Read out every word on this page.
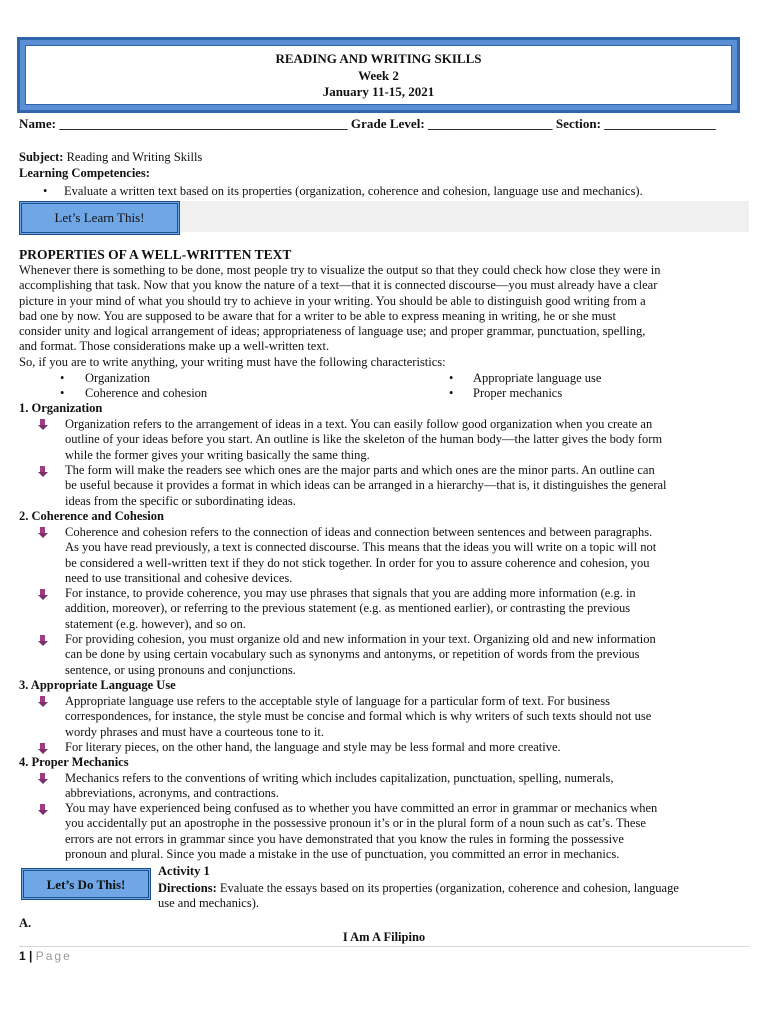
READING AND WRITING SKILLS
Week 2
January 11-15, 2021
Name: ____________________________________________ Grade Level: ___________________ Section: _________________
Subject: Reading and Writing Skills
Learning Competencies:
• Evaluate a written text based on its properties (organization, coherence and cohesion, language use and mechanics).
Let’s Learn This!
PROPERTIES OF A WELL-WRITTEN TEXT
Whenever there is something to be done, most people try to visualize the output so that they could check how close they were in
accomplishing that task. Now that you know the nature of a text—that it is connected discourse—you must already have a clear
picture in your mind of what you should try to achieve in your writing. You should be able to distinguish good writing from a
bad one by now. You are supposed to be aware that for a writer to be able to express meaning in writing, he or she must
consider unity and logical arrangement of ideas; appropriateness of language use; and proper grammar, punctuation, spelling,
and format. Those considerations make up a well-written text.
So, if you are to write anything, your writing must have the following characteristics:
• Organization
• Coherence and cohesion
• Appropriate language use
• Proper mechanics
1. Organization
Organization refers to the arrangement of ideas in a text. You can easily follow good organization when you create an
outline of your ideas before you start. An outline is like the skeleton of the human body—the latter gives the body form
while the former gives your writing basically the same thing.
The form will make the readers see which ones are the major parts and which ones are the minor parts. An outline can
be useful because it provides a format in which ideas can be arranged in a hierarchy—that is, it distinguishes the general
ideas from the specific or subordinating ideas.
2. Coherence and Cohesion
Coherence and cohesion refers to the connection of ideas and connection between sentences and between paragraphs.
As you have read previously, a text is connected discourse. This means that the ideas you will write on a topic will not
be considered a well-written text if they do not stick together. In order for you to assure coherence and cohesion, you
need to use transitional and cohesive devices.
For instance, to provide coherence, you may use phrases that signals that you are adding more information (e.g. in
addition, moreover), or referring to the previous statement (e.g. as mentioned earlier), or contrasting the previous
statement (e.g. however), and so on.
For providing cohesion, you must organize old and new information in your text. Organizing old and new information
can be done by using certain vocabulary such as synonyms and antonyms, or repetition of words from the previous
sentence, or using pronouns and conjunctions.
3. Appropriate Language Use
Appropriate language use refers to the acceptable style of language for a particular form of text. For business
correspondences, for instance, the style must be concise and formal which is why writers of such texts should not use
wordy phrases and must have a courteous tone to it.
For literary pieces, on the other hand, the language and style may be less formal and more creative.
4. Proper Mechanics
Mechanics refers to the conventions of writing which includes capitalization, punctuation, spelling, numerals,
abbreviations, acronyms, and contractions.
You may have experienced being confused as to whether you have committed an error in grammar or mechanics when
you accidentally put an apostrophe in the possessive pronoun it’s or in the plural form of a noun such as cat’s. These
errors are not errors in grammar since you have demonstrated that you know the rules in forming the possessive
pronoun and plural. Since you made a mistake in the use of punctuation, you committed an error in mechanics.
Let’s Do This!
Activity 1
Directions: Evaluate the essays based on its properties (organization, coherence and cohesion, language
use and mechanics).
A.
I Am A Filipino
1 | Page
